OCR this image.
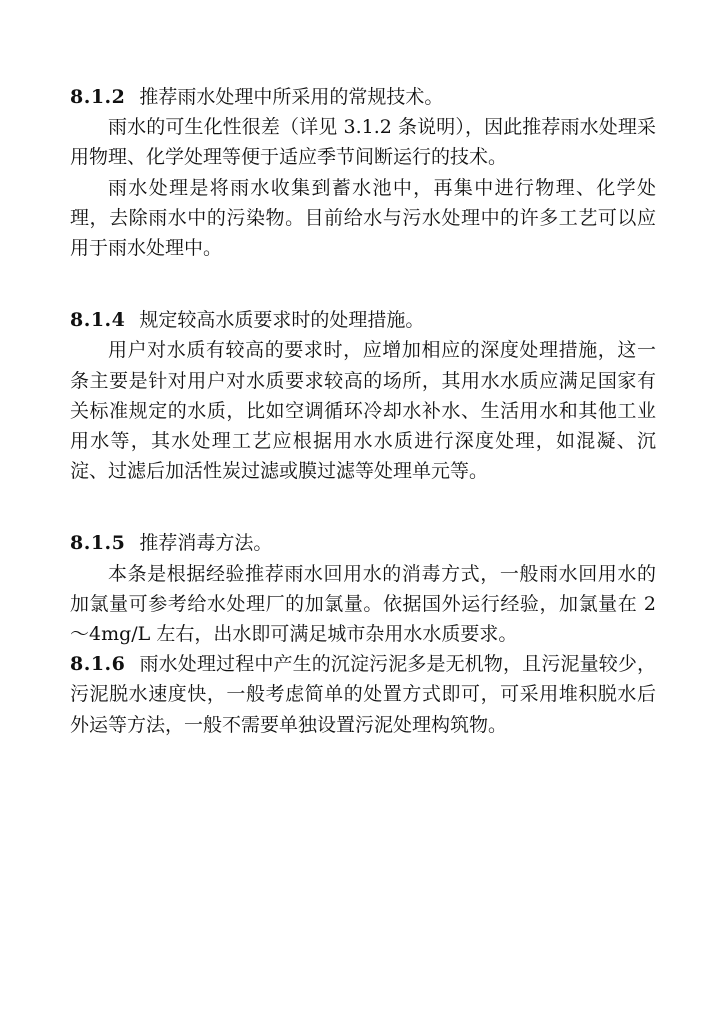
8.1.2 推荐雨水处理中所采用的常规技术。

雨水的可生化性很差（详见 3.1.2 条说明），因此推荐雨水处理采用物理、化学处理等便于适应季节间断运行的技术。

雨水处理是将雨水收集到蓄水池中，再集中进行物理、化学处理，去除雨水中的污染物。目前给水与污水处理中的许多工艺可以应用于雨水处理中。

8.1.4 规定较高水质要求时的处理措施。

用户对水质有较高的要求时，应增加相应的深度处理措施，这一条主要是针对用户对水质要求较高的场所，其用水水质应满足国家有关标准规定的水质，比如空调循环冷却水补水、生活用水和其他工业用水等，其水处理工艺应根据用水水质进行深度处理，如混凝、沉淀、过滤后加活性炭过滤或膜过滤等处理单元等。

8.1.5 推荐消毒方法。

本条是根据经验推荐雨水回用水的消毒方式，一般雨水回用水的加氯量可参考给水处理厂的加氯量。依据国外运行经验，加氯量在 2～4mg/L 左右，出水即可满足城市杂用水水质要求。

8.1.6 雨水处理过程中产生的沉淀污泥多是无机物，且污泥量较少，污泥脱水速度快，一般考虑简单的处置方式即可，可采用堆积脱水后外运等方法，一般不需要单独设置污泥处理构筑物。
